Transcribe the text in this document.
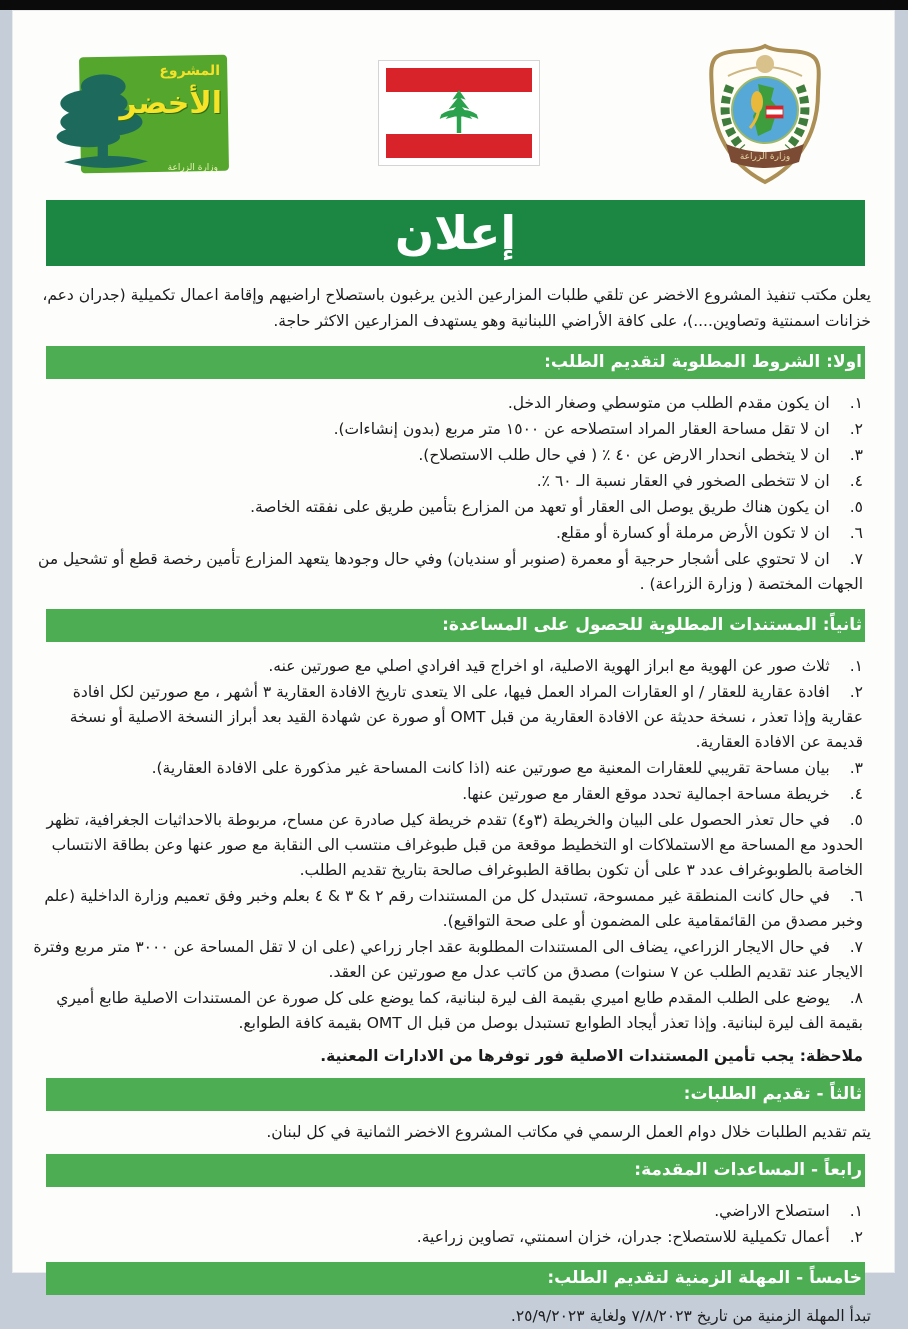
المشروع
الأخضر
وزارة الزراعة
وزارة الزراعة
إعلان
يعلن مكتب تنفيذ المشروع الاخضر عن تلقي طلبات المزارعين الذين يرغبون باستصلاح اراضيهم وإقامة اعمال تكميلية (جدران دعم، خزانات اسمنتية وتصاوين....)، على كافة الأراضي اللبنانية وهو يستهدف المزارعين الاكثر حاجة.
اولا: الشروط المطلوبة لتقديم الطلب:
١.ان يكون مقدم الطلب من متوسطي وصغار الدخل.
٢.ان لا تقل مساحة العقار المراد استصلاحه عن ١٥٠٠ متر مربع (بدون إنشاءات).
٣.ان لا يتخطى انحدار الارض عن ٤٠ ٪ ( في حال طلب الاستصلاح).
٤.ان لا تتخطى الصخور في العقار نسبة الـ ٦٠ ٪.
٥.ان يكون هناك طريق يوصل الى العقار أو تعهد من المزارع بتأمين طريق على نفقته الخاصة.
٦.ان لا تكون الأرض مرملة أو كسارة أو مقلع.
٧.ان لا تحتوي على أشجار حرجية أو معمرة (صنوبر أو سنديان) وفي حال وجودها يتعهد المزارع تأمين رخصة قطع أو تشحيل من الجهات المختصة ( وزارة الزراعة) .
ثانياً: المستندات المطلوبة للحصول على المساعدة:
١.ثلاث صور عن الهوية مع ابراز الهوية الاصلية، او اخراج قيد افرادي اصلي مع صورتين عنه.
٢.افادة عقارية للعقار / او العقارات المراد العمل فيها، على الا يتعدى تاريخ الافادة العقارية ٣ أشهر ، مع صورتين لكل افادة عقارية وإذا تعذر ، نسخة حديثة عن الافادة العقارية من قبل OMT أو صورة عن شهادة القيد بعد أبراز النسخة الاصلية أو نسخة قديمة عن الافادة العقارية.
٣.بيان مساحة تقريبي للعقارات المعنية مع صورتين عنه (اذا كانت المساحة غير مذكورة على الافادة العقارية).
٤.خريطة مساحة اجمالية تحدد موقع العقار مع صورتين عنها.
٥.في حال تعذر الحصول على البيان والخريطة (٣و٤) تقدم خريطة كيل صادرة عن مساح، مربوطة بالاحداثيات الجغرافية، تظهر الحدود مع المساحة مع الاستملاكات او التخطيط موقعة من قبل طبوغراف منتسب الى النقابة مع صور عنها وعن بطاقة الانتساب الخاصة بالطوبوغراف عدد ٣ على أن تكون بطاقة الطبوغراف صالحة بتاريخ تقديم الطلب.
٦.في حال كانت المنطقة غير ممسوحة، تستبدل كل من المستندات رقم ٢ & ٣ & ٤ بعلم وخبر وفق تعميم وزارة الداخلية (علم وخبر مصدق من القائمقامية على المضمون أو على صحة التواقيع).
٧.في حال الايجار الزراعي، يضاف الى المستندات المطلوبة عقد اجار زراعي (على ان لا تقل المساحة عن ٣٠٠٠ متر مربع وفترة الايجار عند تقديم الطلب عن ٧ سنوات) مصدق من كاتب عدل مع صورتين عن العقد.
٨.يوضع على الطلب المقدم طابع اميري بقيمة الف ليرة لبنانية، كما يوضع على كل صورة عن المستندات الاصلية طابع أميري بقيمة الف ليرة لبنانية. وإذا تعذر أيجاد الطوابع تستبدل بوصل من قبل ال OMT بقيمة كافة الطوابع.
ملاحظة: يجب تأمين المستندات الاصلية فور توفرها من الادارات المعنية.
ثالثاً - تقديم الطلبات:
يتم تقديم الطلبات خلال دوام العمل الرسمي في مكاتب المشروع الاخضر الثمانية في كل لبنان.
رابعاً - المساعدات المقدمة:
١.استصلاح الاراضي.
٢.أعمال تكميلية للاستصلاح: جدران، خزان اسمنتي، تصاوين زراعية.
خامساً - المهلة الزمنية لتقديم الطلب:
تبدأ المهلة الزمنية من تاريخ ٧/٨/٢٠٢٣ ولغاية ٢٥/٩/٢٠٢٣.
